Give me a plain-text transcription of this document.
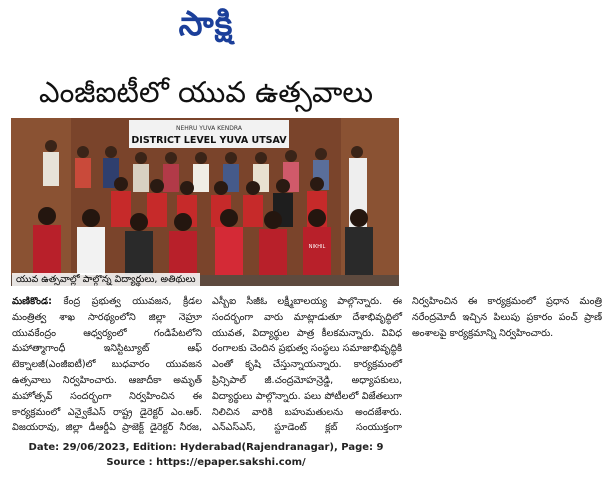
సాక్షి
ఎంజీఐటీలో యువ ఉత్సవాలు
NEHRU YUVA KENDRA
DISTRICT LEVEL YUVA UTSAV
NIKHIL
యువ ఉత్సవాల్లో పాల్గొన్న విద్యార్థులు, అతిథులు

మణికొండ: కేంద్ర ప్రభుత్వ యువజన, క్రీడల మంత్రిత్వ శాఖ సారథ్యంలోని జిల్లా నెహ్రూ యువకేంద్రం ఆధ్వర్యంలో గండిపేటలోని మహాత్మాగాంధీ ఇనిస్టిట్యూట్ ఆఫ్ టెక్నాలజీ(ఎంజీఐటీ)లో బుధవారం యువజన ఉత్సవాలు నిర్వహించారు. ఆజాదీకా అమృత్ మహోత్సవ్ సందర్భంగా నిర్వహించిన ఈ కార్యక్రమంలో ఎన్వైకేఎస్ రాష్ట్ర డైరెక్టర్ ఎం.ఆర్. విజయరావు, జిల్లా డీఆర్డీఏ ప్రాజెక్ట్ డైరెక్టర్ నీరజ, ఎస్బీఐ సీజీఓ లక్ష్మీబాలయ్య పాల్గొన్నారు. ఈ సందర్భంగా వారు మాట్లాడుతూ దేశాభివృద్ధిలో యువత, విద్యార్థుల పాత్ర కీలకమన్నారు. వివిధ రంగాలకు చెందిన ప్రభుత్వ సంస్థలు సమాజాభివృద్ధికి ఎంతో కృషి చేస్తున్నాయన్నారు. కార్యక్రమంలో ప్రిన్సిపాల్ జీ.చంద్రమోహన్రెడ్డి, అధ్యాపకులు, విద్యార్థులు పాల్గొన్నారు. పలు పోటీలలో విజేతలుగా నిలిచిన వారికి బహుమతులను అందజేశారు. ఎన్ఎస్ఎస్, స్టూడెంట్ క్లబ్ సంయుక్తంగా నిర్వహించిన ఈ కార్యక్రమంలో ప్రధాన మంత్రి నరేంద్రమోదీ ఇచ్చిన పిలుపు ప్రకారం పంచ్ ప్రాణ్ అంశాలపై కార్యక్రమాన్ని నిర్వహించారు.

Date: 29/06/2023, Edition: Hyderabad(Rajendranagar), Page: 9
Source : https://epaper.sakshi.com/
